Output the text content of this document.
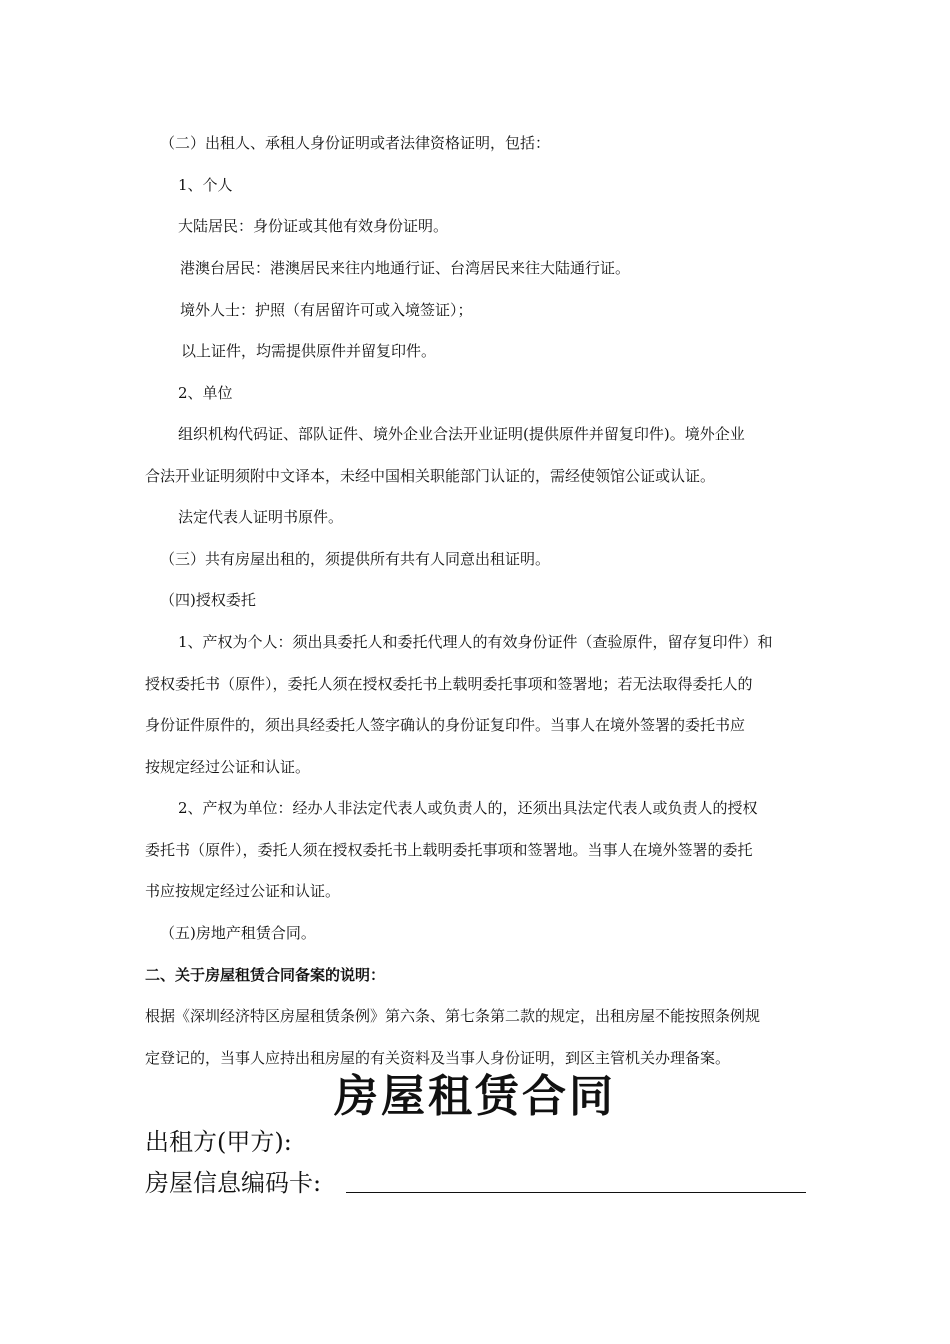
（二）出租人、承租人身份证明或者法律资格证明，包括：
1、个人
大陆居民：身份证或其他有效身份证明。
港澳台居民：港澳居民来往内地通行证、台湾居民来往大陆通行证。
境外人士：护照（有居留许可或入境签证）；
以上证件，均需提供原件并留复印件。
2、单位
组织机构代码证、部队证件、境外企业合法开业证明(提供原件并留复印件)。境外企业
合法开业证明须附中文译本，未经中国相关职能部门认证的，需经使领馆公证或认证。
法定代表人证明书原件。
（三）共有房屋出租的，须提供所有共有人同意出租证明。
（四)授权委托
1、产权为个人：须出具委托人和委托代理人的有效身份证件（查验原件，留存复印件）和
授权委托书（原件），委托人须在授权委托书上载明委托事项和签署地；若无法取得委托人的
身份证件原件的，须出具经委托人签字确认的身份证复印件。当事人在境外签署的委托书应
按规定经过公证和认证。
2、产权为单位：经办人非法定代表人或负责人的，还须出具法定代表人或负责人的授权
委托书（原件），委托人须在授权委托书上载明委托事项和签署地。当事人在境外签署的委托
书应按规定经过公证和认证。
（五)房地产租赁合同。
二、关于房屋租赁合同备案的说明：
根据《深圳经济特区房屋租赁条例》第六条、第七条第二款的规定，出租房屋不能按照条例规
定登记的，当事人应持出租房屋的有关资料及当事人身份证明，到区主管机关办理备案。
房屋租赁合同
出租方(甲方):
房屋信息编码卡:
